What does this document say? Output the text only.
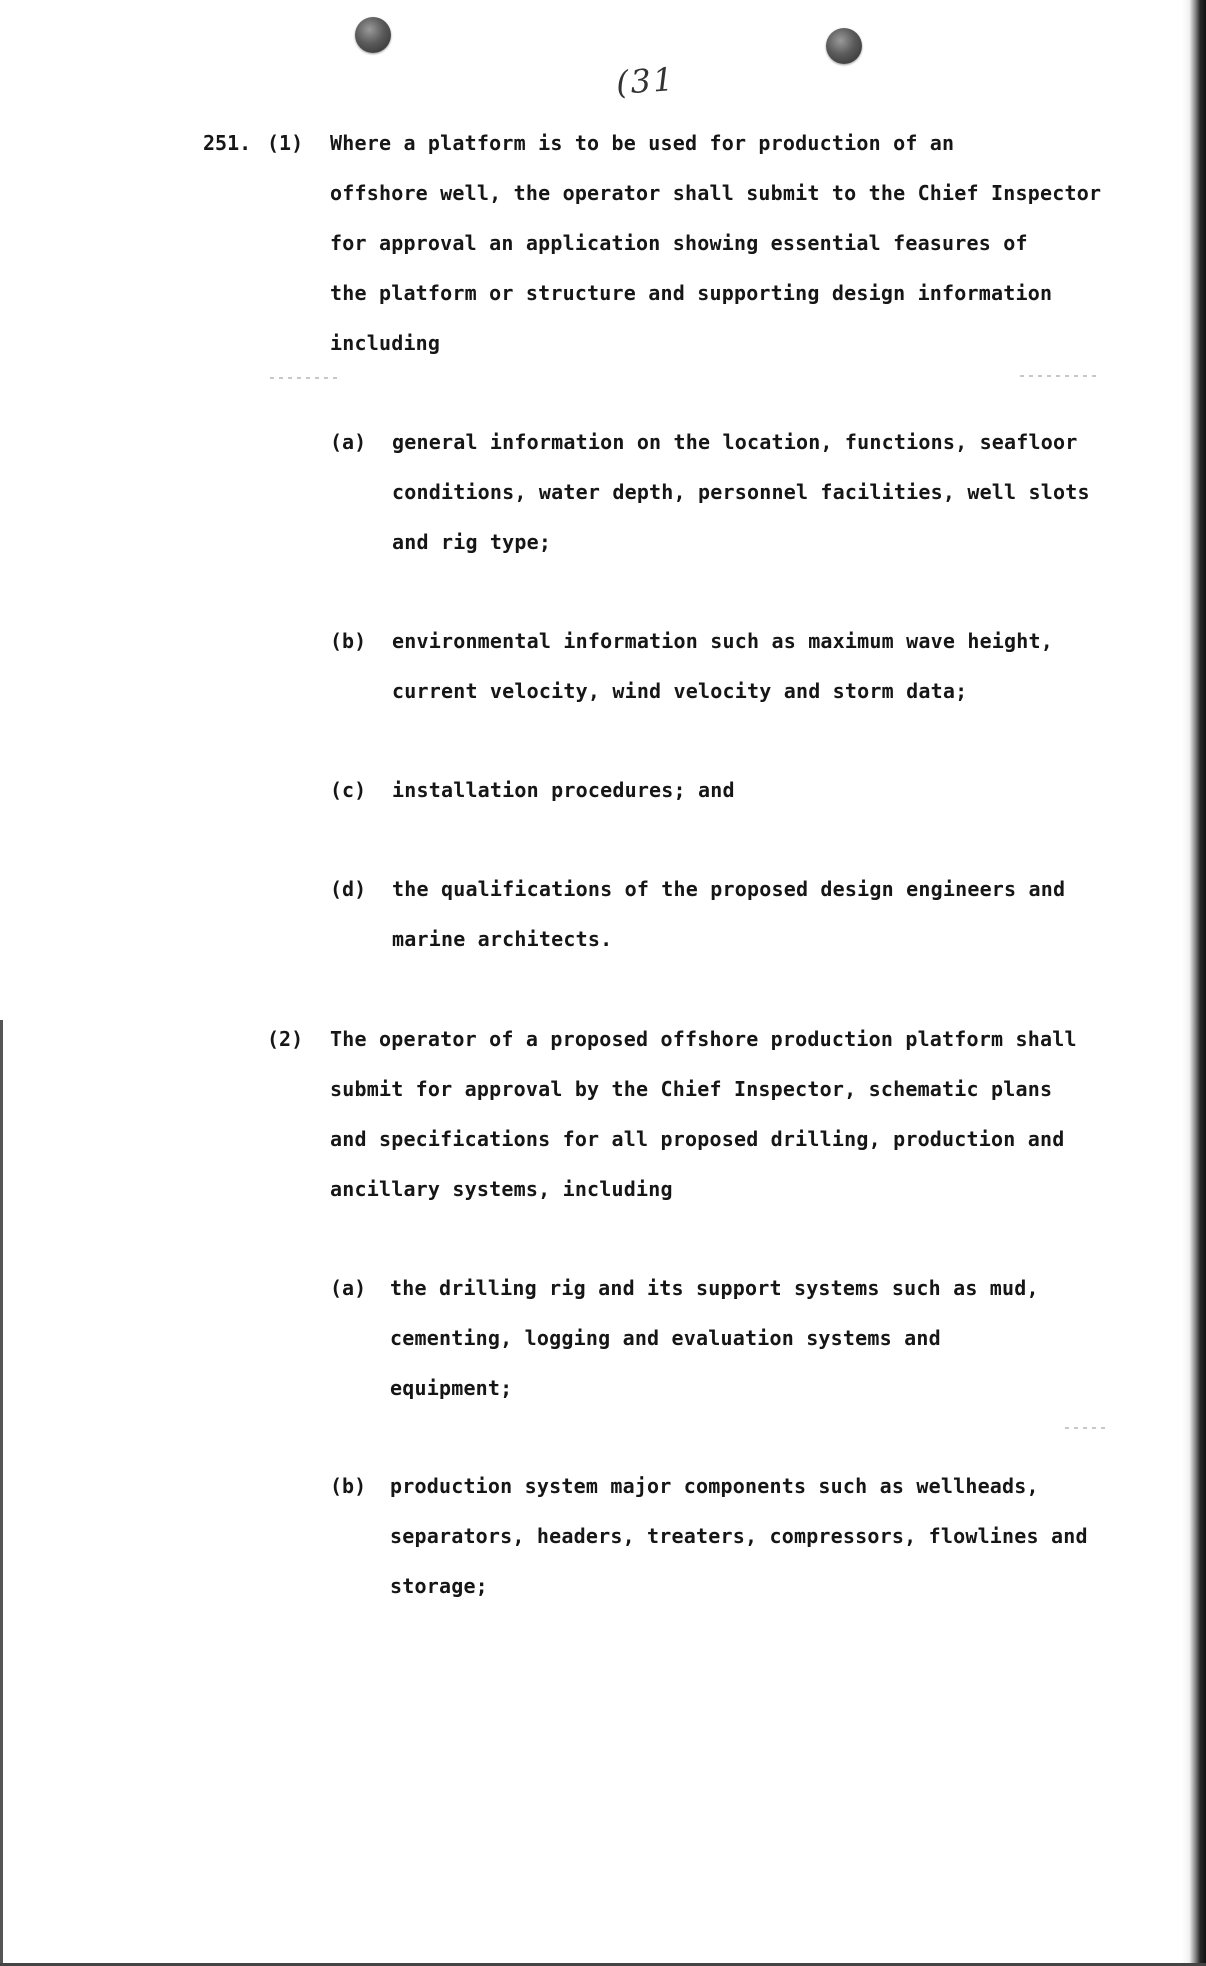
(31
251. (1) Where a platform is to be used for production of an
offshore well, the operator shall submit to the Chief Inspector
for approval an application showing essential feasures of
the platform or structure and supporting design information
including
(a) general information on the location, functions, seafloor
conditions, water depth, personnel facilities, well slots
and rig type;
(b) environmental information such as maximum wave height,
current velocity, wind velocity and storm data;
(c) installation procedures; and
(d) the qualifications of the proposed design engineers and
marine architects.
(2) The operator of a proposed offshore production platform shall
submit for approval by the Chief Inspector, schematic plans
and specifications for all proposed drilling, production and
ancillary systems, including
(a) the drilling rig and its support systems such as mud,
cementing, logging and evaluation systems and
equipment;
(b) production system major components such as wellheads,
separators, headers, treaters, compressors, flowlines and
storage;
